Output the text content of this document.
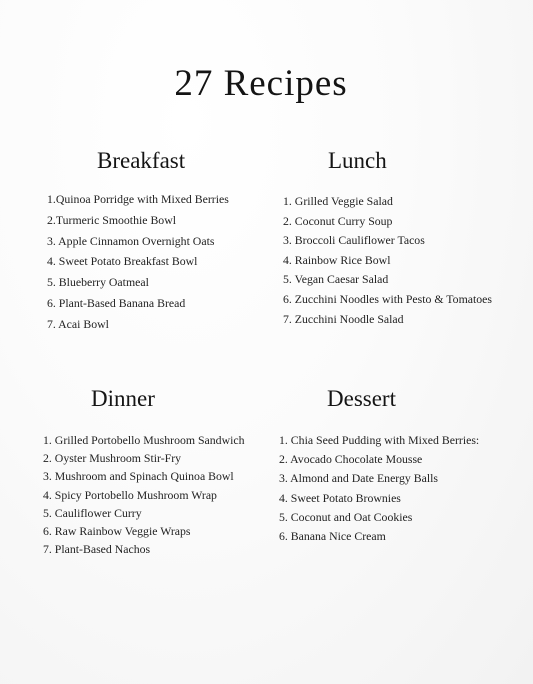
27 Recipes
Breakfast
1.Quinoa Porridge with Mixed Berries
2.Turmeric Smoothie Bowl
3. Apple Cinnamon Overnight Oats
4. Sweet Potato Breakfast Bowl
5. Blueberry Oatmeal
6. Plant-Based Banana Bread
7. Acai Bowl
Lunch
1. Grilled Veggie Salad
2. Coconut Curry Soup
3. Broccoli Cauliflower Tacos
4. Rainbow Rice Bowl
5. Vegan Caesar Salad
6. Zucchini Noodles with Pesto & Tomatoes
7. Zucchini Noodle Salad
Dinner
1. Grilled Portobello Mushroom Sandwich
2. Oyster Mushroom Stir-Fry
3. Mushroom and Spinach Quinoa Bowl
4. Spicy Portobello Mushroom Wrap
5. Cauliflower Curry
6. Raw Rainbow Veggie Wraps
7. Plant-Based Nachos
Dessert
1. Chia Seed Pudding with Mixed Berries:
2. Avocado Chocolate Mousse
3. Almond and Date Energy Balls
4. Sweet Potato Brownies
5. Coconut and Oat Cookies
6. Banana Nice Cream
